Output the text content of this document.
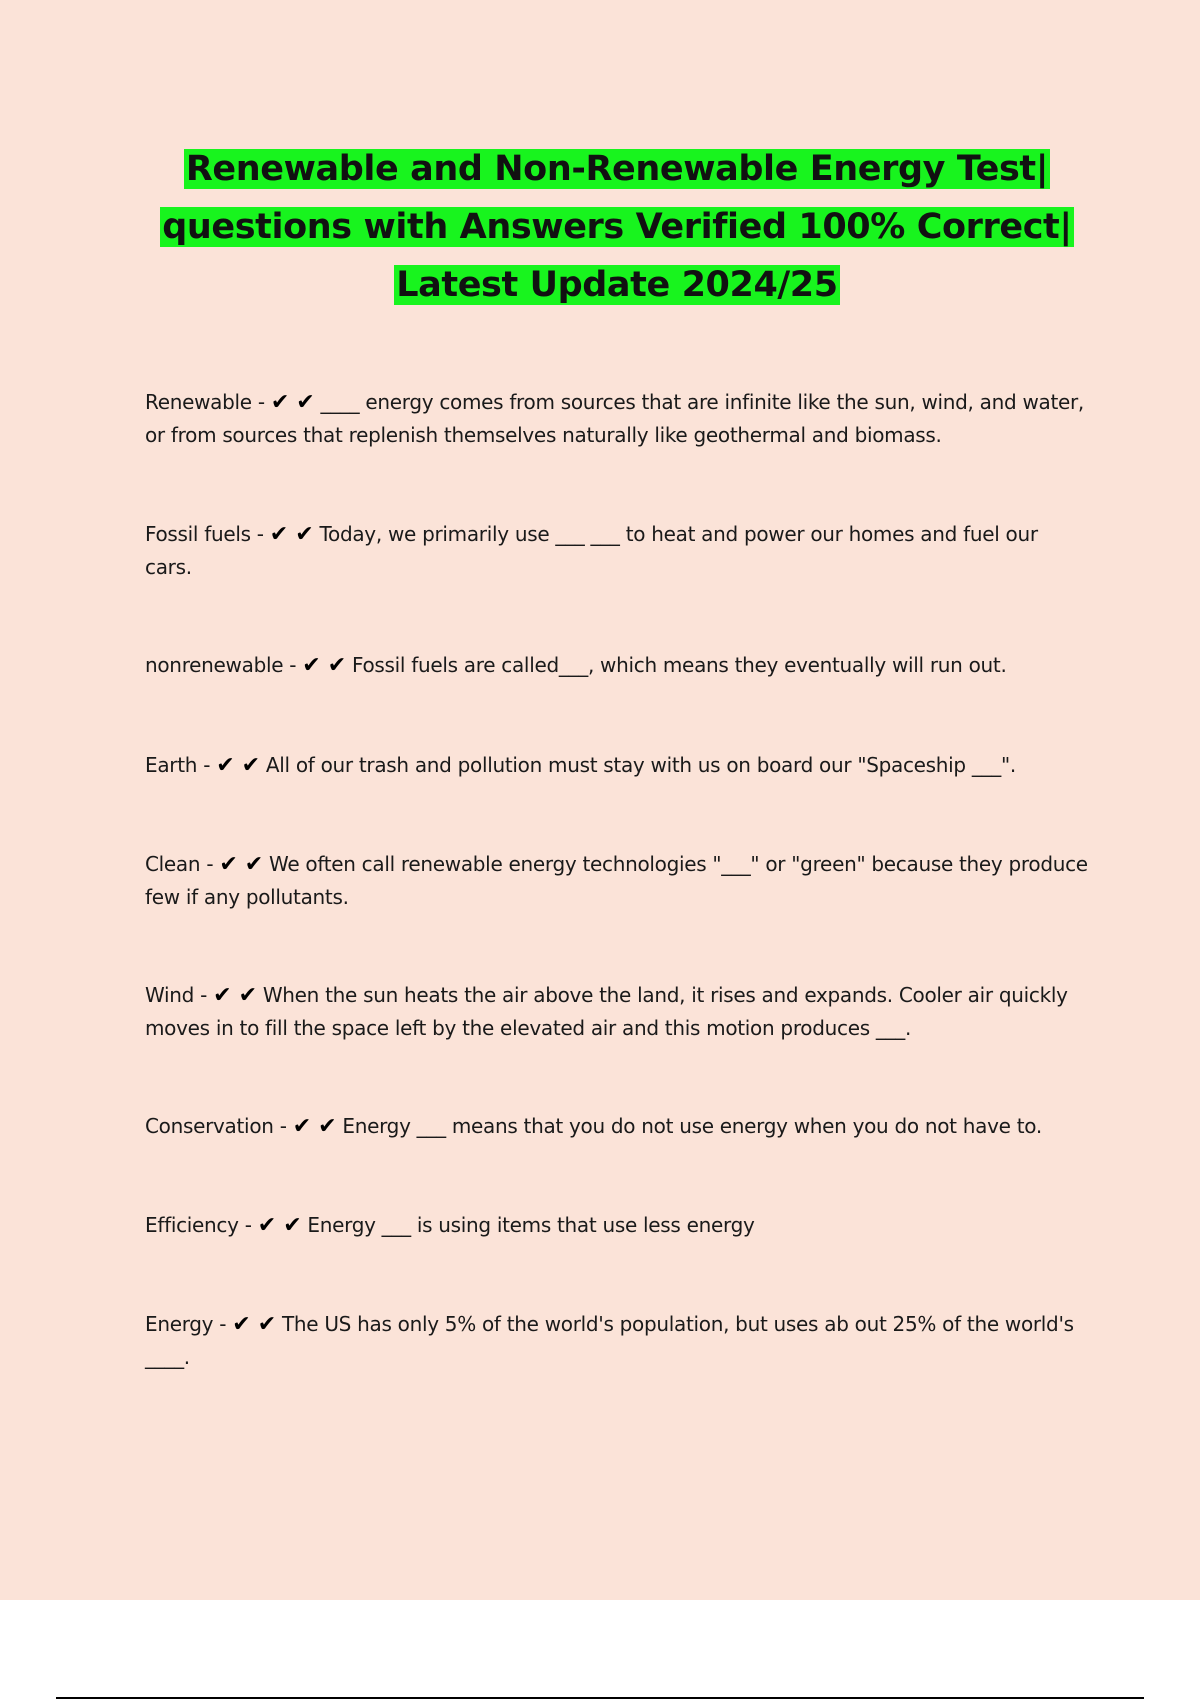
Renewable and Non-Renewable Energy Test| questions with Answers Verified 100% Correct| Latest Update 2024/25

Renewable - ✔ ✔ ____ energy comes from sources that are infinite like the sun, wind, and water, or from sources that replenish themselves naturally like geothermal and biomass.

Fossil fuels - ✔ ✔ Today, we primarily use ___ ___ to heat and power our homes and fuel our cars.

nonrenewable - ✔ ✔ Fossil fuels are called___, which means they eventually will run out.

Earth - ✔ ✔ All of our trash and pollution must stay with us on board our "Spaceship ___".

Clean - ✔ ✔ We often call renewable energy technologies "___" or "green" because they produce few if any pollutants.

Wind - ✔ ✔ When the sun heats the air above the land, it rises and expands. Cooler air quickly moves in to fill the space left by the elevated air and this motion produces ___.

Conservation - ✔ ✔ Energy ___ means that you do not use energy when you do not have to.

Efficiency - ✔ ✔ Energy ___ is using items that use less energy

Energy - ✔ ✔ The US has only 5% of the world's population, but uses ab out 25% of the world's ____.
